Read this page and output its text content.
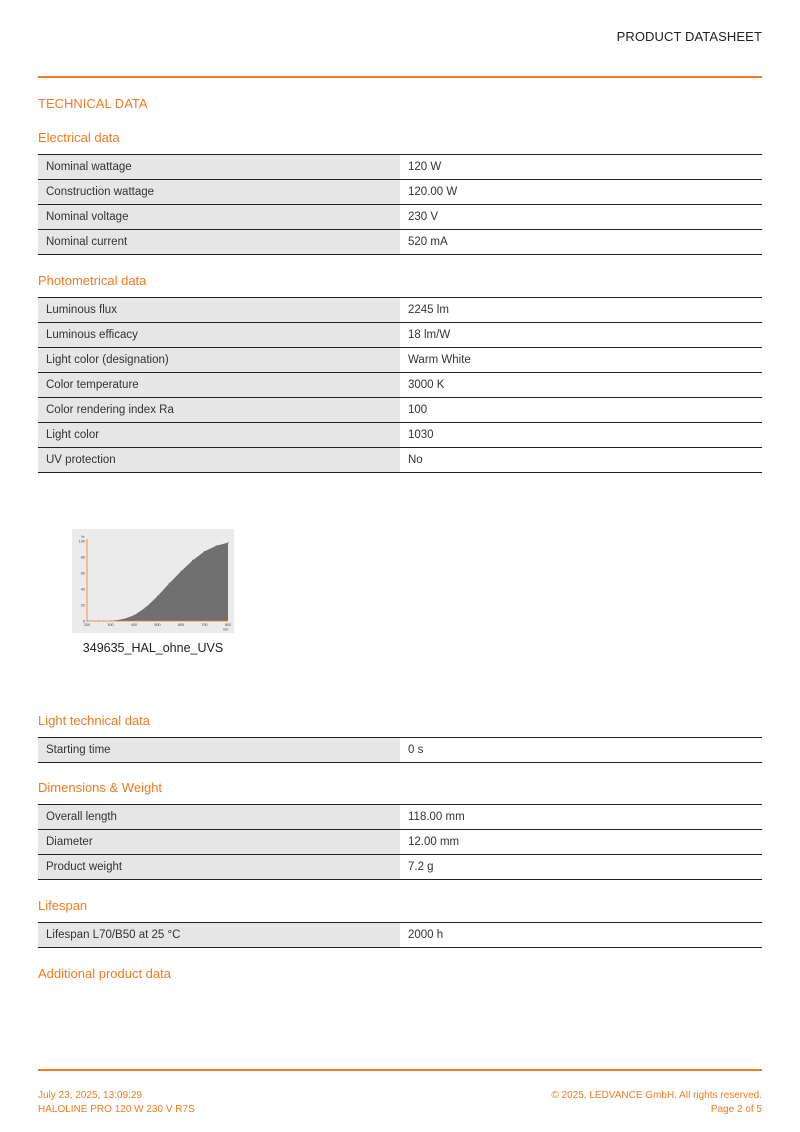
PRODUCT DATASHEET
TECHNICAL DATA
Electrical data
Nominal wattage	120 W
Construction wattage	120.00 W
Nominal voltage	230 V
Nominal current	520 mA
Photometrical data
Luminous flux	2245 lm
Luminous efficacy	18 lm/W
Light color (designation)	Warm White
Color temperature	3000 K
Color rendering index Ra	100
Light color	1030
UV protection	No
0
20
40
60
80
100
200	300	400	500	600	700	800
%
nm
349635_HAL_ohne_UVS
Light technical data
Starting time	0 s
Dimensions & Weight
Overall length	118.00 mm
Diameter	12.00 mm
Product weight	7.2 g
Lifespan
Lifespan L70/B50 at 25 °C	2000 h
Additional product data
July 23, 2025, 13:09:29
HALOLINE PRO 120 W 230 V R7S
© 2025, LEDVANCE GmbH. All rights reserved.
Page 2 of 5
